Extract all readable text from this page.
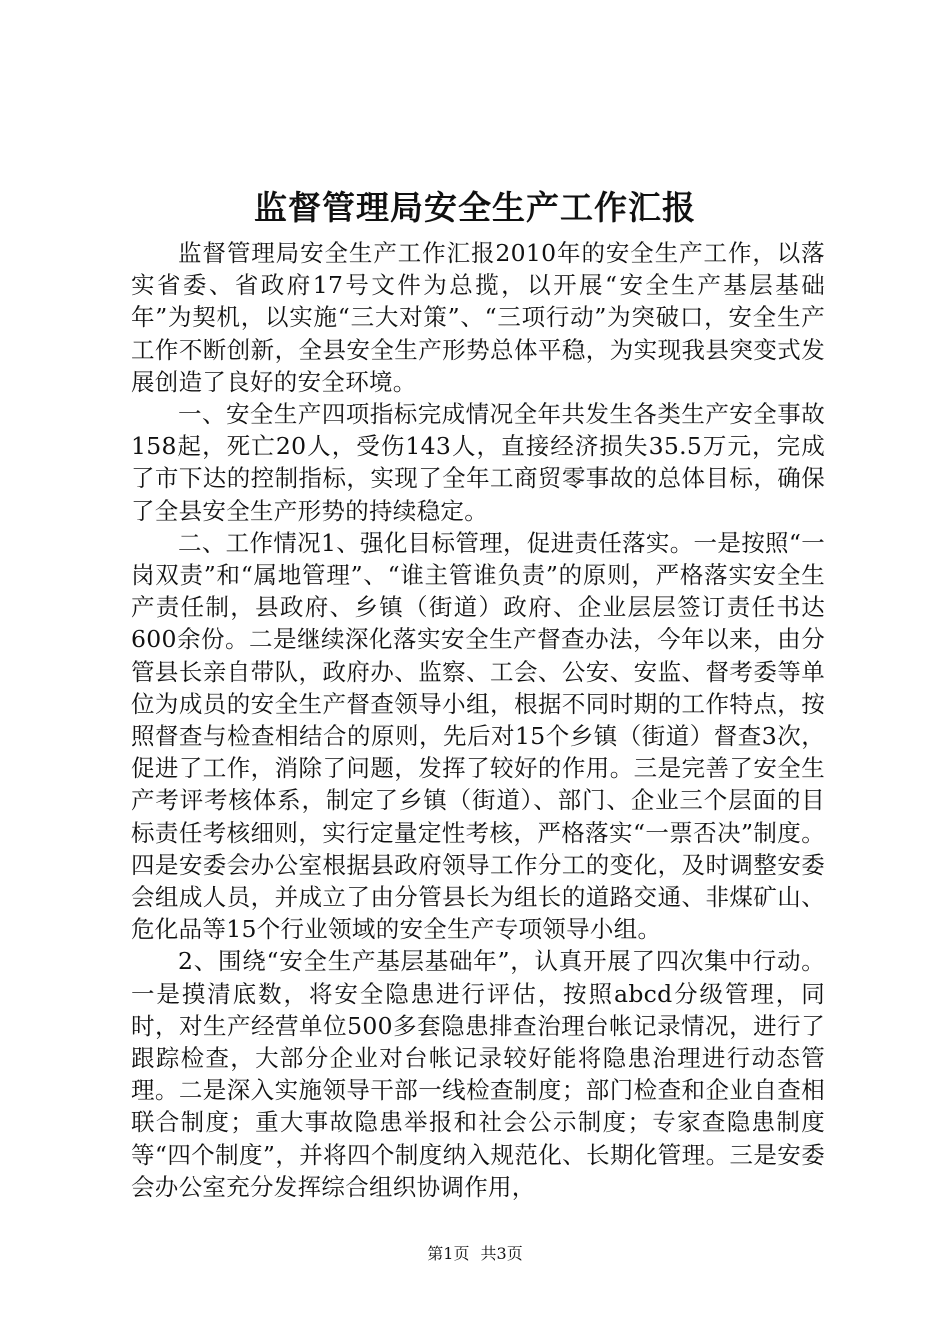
监督管理局安全生产工作汇报

监督管理局安全生产工作汇报2010年的安全生产工作，以落实省委、省政府17号文件为总揽，以开展“安全生产基层基础年”为契机，以实施“三大对策”、“三项行动”为突破口，安全生产工作不断创新，全县安全生产形势总体平稳，为实现我县突变式发展创造了良好的安全环境。

一、安全生产四项指标完成情况全年共发生各类生产安全事故158起，死亡20人，受伤143人，直接经济损失35.5万元，完成了市下达的控制指标，实现了全年工商贸零事故的总体目标，确保了全县安全生产形势的持续稳定。

二、工作情况1、强化目标管理，促进责任落实。一是按照“一岗双责”和“属地管理”、“谁主管谁负责”的原则，严格落实安全生产责任制，县政府、乡镇（街道）政府、企业层层签订责任书达600余份。二是继续深化落实安全生产督查办法，今年以来，由分管县长亲自带队，政府办、监察、工会、公安、安监、督考委等单位为成员的安全生产督查领导小组，根据不同时期的工作特点，按照督查与检查相结合的原则，先后对15个乡镇（街道）督查3次，促进了工作，消除了问题，发挥了较好的作用。三是完善了安全生产考评考核体系，制定了乡镇（街道）、部门、企业三个层面的目标责任考核细则，实行定量定性考核，严格落实“一票否决”制度。四是安委会办公室根据县政府领导工作分工的变化，及时调整安委会组成人员，并成立了由分管县长为组长的道路交通、非煤矿山、危化品等15个行业领域的安全生产专项领导小组。

2、围绕“安全生产基层基础年”，认真开展了四次集中行动。一是摸清底数，将安全隐患进行评估，按照abcd分级管理，同时，对生产经营单位500多套隐患排查治理台帐记录情况，进行了跟踪检查，大部分企业对台帐记录较好能将隐患治理进行动态管理。二是深入实施领导干部一线检查制度；部门检查和企业自查相联合制度；重大事故隐患举报和社会公示制度；专家查隐患制度等“四个制度”，并将四个制度纳入规范化、长期化管理。三是安委会办公室充分发挥综合组织协调作用，

第1页 共3页
